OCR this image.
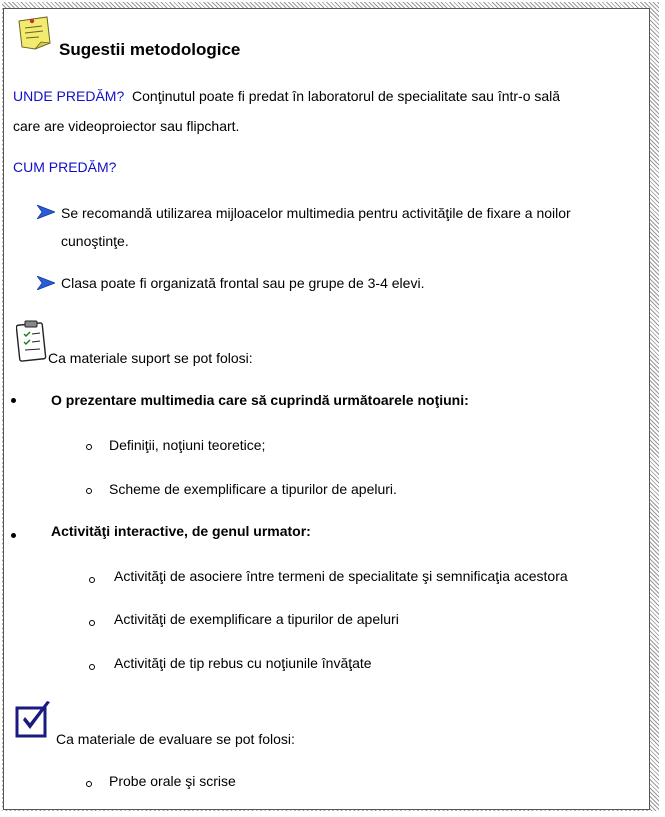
Sugestii metodologice
UNDE PREDĂM? Conţinutul poate fi predat în laboratorul de specialitate sau într-o sală
care are videoproiector sau flipchart.
CUM PREDĂM?
Se recomandă utilizarea mijloacelor multimedia pentru activităţile de fixare a noilor
cunoştinţe.
Clasa poate fi organizată frontal sau pe grupe de 3-4 elevi.
Ca materiale suport se pot folosi:
O prezentare multimedia care să cuprindă următoarele noţiuni:
Definiţii, noţiuni teoretice;
Scheme de exemplificare a tipurilor de apeluri.
Activităţi interactive, de genul urmator:
Activităţi de asociere între termeni de specialitate şi semnificaţia acestora
Activităţi de exemplificare a tipurilor de apeluri
Activităţi de tip rebus cu noţiunile învăţate
Ca materiale de evaluare se pot folosi:
Probe orale şi scrise
